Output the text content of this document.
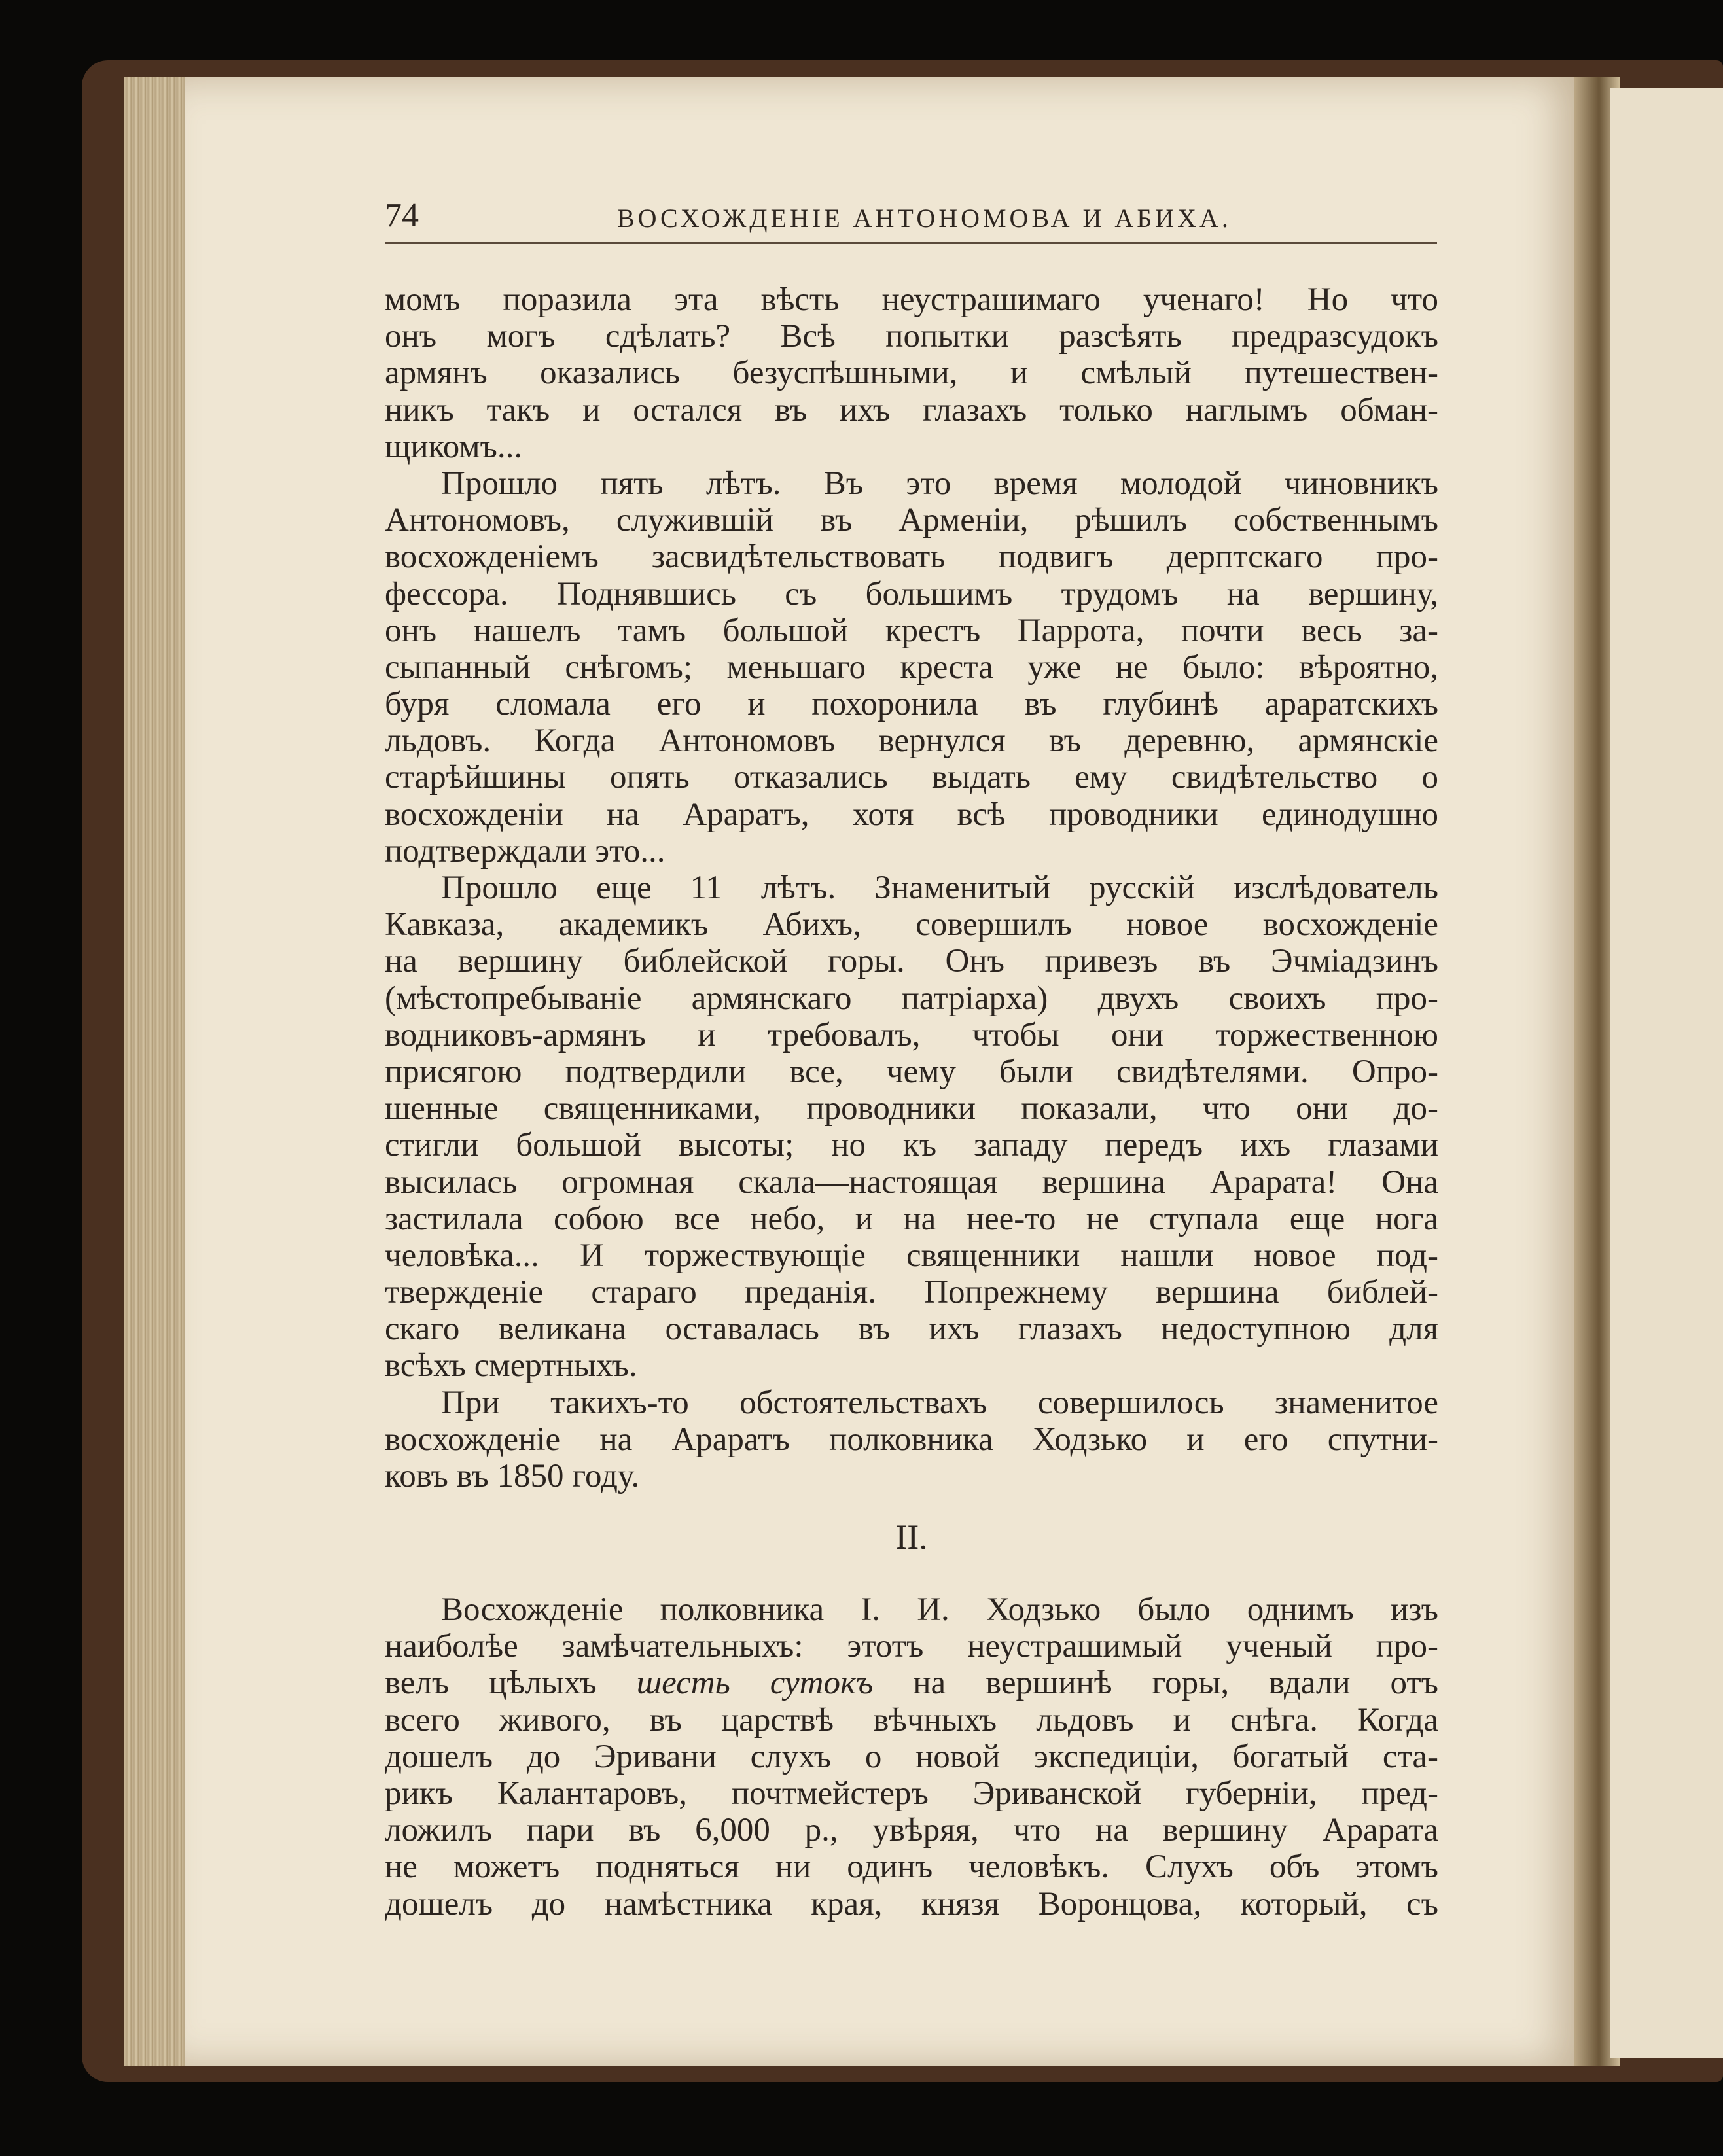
74	ВОСХОЖДЕНІЕ АНТОНОМОВА И АБИХА.
момъ поразила эта вѣсть неустрашимаго ученаго! Но что
онъ могъ сдѣлать? Всѣ попытки разсѣять предразсудокъ
армянъ оказались безуспѣшными, и смѣлый путешествен-
никъ такъ и остался въ ихъ глазахъ только наглымъ обман-
щикомъ...
Прошло пять лѣтъ. Въ это время молодой чиновникъ
Антономовъ, служившій въ Арменіи, рѣшилъ собственнымъ
восхожденіемъ засвидѣтельствовать подвигъ дерптскаго про-
фессора. Поднявшись съ большимъ трудомъ на вершину,
онъ нашелъ тамъ большой крестъ Паррота, почти весь за-
сыпанный снѣгомъ; меньшаго креста уже не было: вѣроятно,
буря сломала его и похоронила въ глубинѣ араратскихъ
льдовъ. Когда Антономовъ вернулся въ деревню, армянскіе
старѣйшины опять отказались выдать ему свидѣтельство о
восхожденіи на Араратъ, хотя всѣ проводники единодушно
подтверждали это...
Прошло еще 11 лѣтъ. Знаменитый русскій изслѣдователь
Кавказа, академикъ Абихъ, совершилъ новое восхожденіе
на вершину библейской горы. Онъ привезъ въ Эчміадзинъ
(мѣстопребываніе армянскаго патріарха) двухъ своихъ про-
водниковъ-армянъ и требовалъ, чтобы они торжественною
присягою подтвердили все, чему были свидѣтелями. Опро-
шенные священниками, проводники показали, что они до-
стигли большой высоты; но къ западу передъ ихъ глазами
высилась огромная скала—настоящая вершина Арарата! Она
застилала собою все небо, и на нее-то не ступала еще нога
человѣка... И торжествующіе священники нашли новое под-
твержденіе стараго преданія. Попрежнему вершина библей-
скаго великана оставалась въ ихъ глазахъ недоступною для
всѣхъ смертныхъ.
При такихъ-то обстоятельствахъ совершилось знаменитое
восхожденіе на Араратъ полковника Ходзько и его спутни-
ковъ въ 1850 году.
II.
Восхожденіе полковника І. И. Ходзько было однимъ изъ
наиболѣе замѣчательныхъ: этотъ неустрашимый ученый про-
велъ цѣлыхъ шесть сутокъ на вершинѣ горы, вдали отъ
всего живого, въ царствѣ вѣчныхъ льдовъ и снѣга. Когда
дошелъ до Эривани слухъ о новой экспедиціи, богатый ста-
рикъ Калантаровъ, почтмейстеръ Эриванской губерніи, пред-
ложилъ пари въ 6,000 р., увѣряя, что на вершину Арарата
не можетъ подняться ни одинъ человѣкъ. Слухъ объ этомъ
дошелъ до намѣстника края, князя Воронцова, который, съ
